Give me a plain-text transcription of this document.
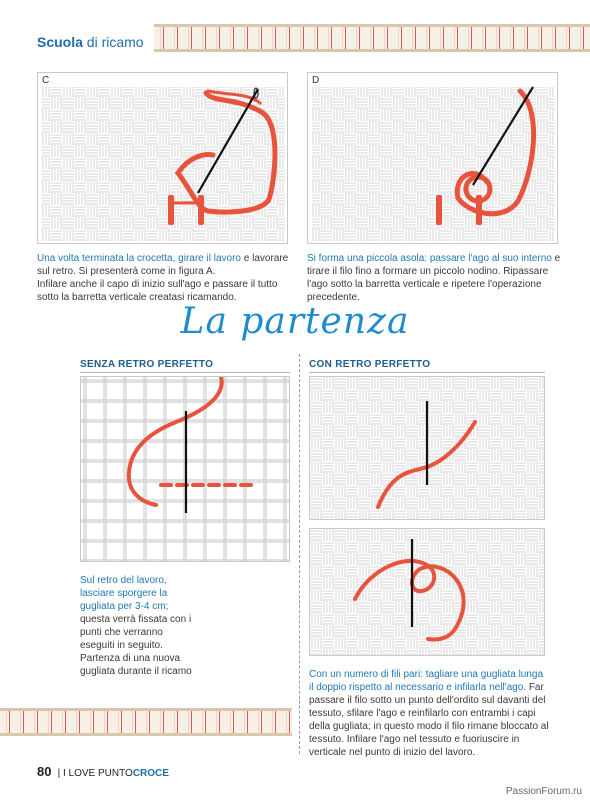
Scuola di ricamo
C	D
Una volta terminata la crocetta, girare il lavoro e lavorare sul retro. Si presenterà come in figura A.
Infilare anche il capo di inizio sull'ago e passare il tutto sotto la barretta verticale creatasi ricamando.
Si forma una piccola asola: passare l'ago al suo interno e tirare il filo fino a formare un piccolo nodino. Ripassare l'ago sotto la barretta verticale e ripetere l'operazione precedente.
La partenza
SENZA RETRO PERFETTO
Sul retro del lavoro, lasciare sporgere la gugliata per 3-4 cm; questa verrà fissata con i punti che verranno eseguiti in seguito. Partenza di una nuova gugliata durante il ricamo
CON RETRO PERFETTO
Con un numero di fili pari: tagliare una gugliata lunga il doppio rispetto al necessario e infilarla nell'ago. Far passare il filo sotto un punto dell'ordito sul davanti del tessuto, sfilare l'ago e reinfilarlo con entrambi i capi della gugliata; in questo modo il filo rimane bloccato al tessuto. Infilare l'ago nel tessuto e fuoriuscire in verticale nel punto di inizio del lavoro.
80  | I LOVE PUNTOCROCE
PassionForum.ru
